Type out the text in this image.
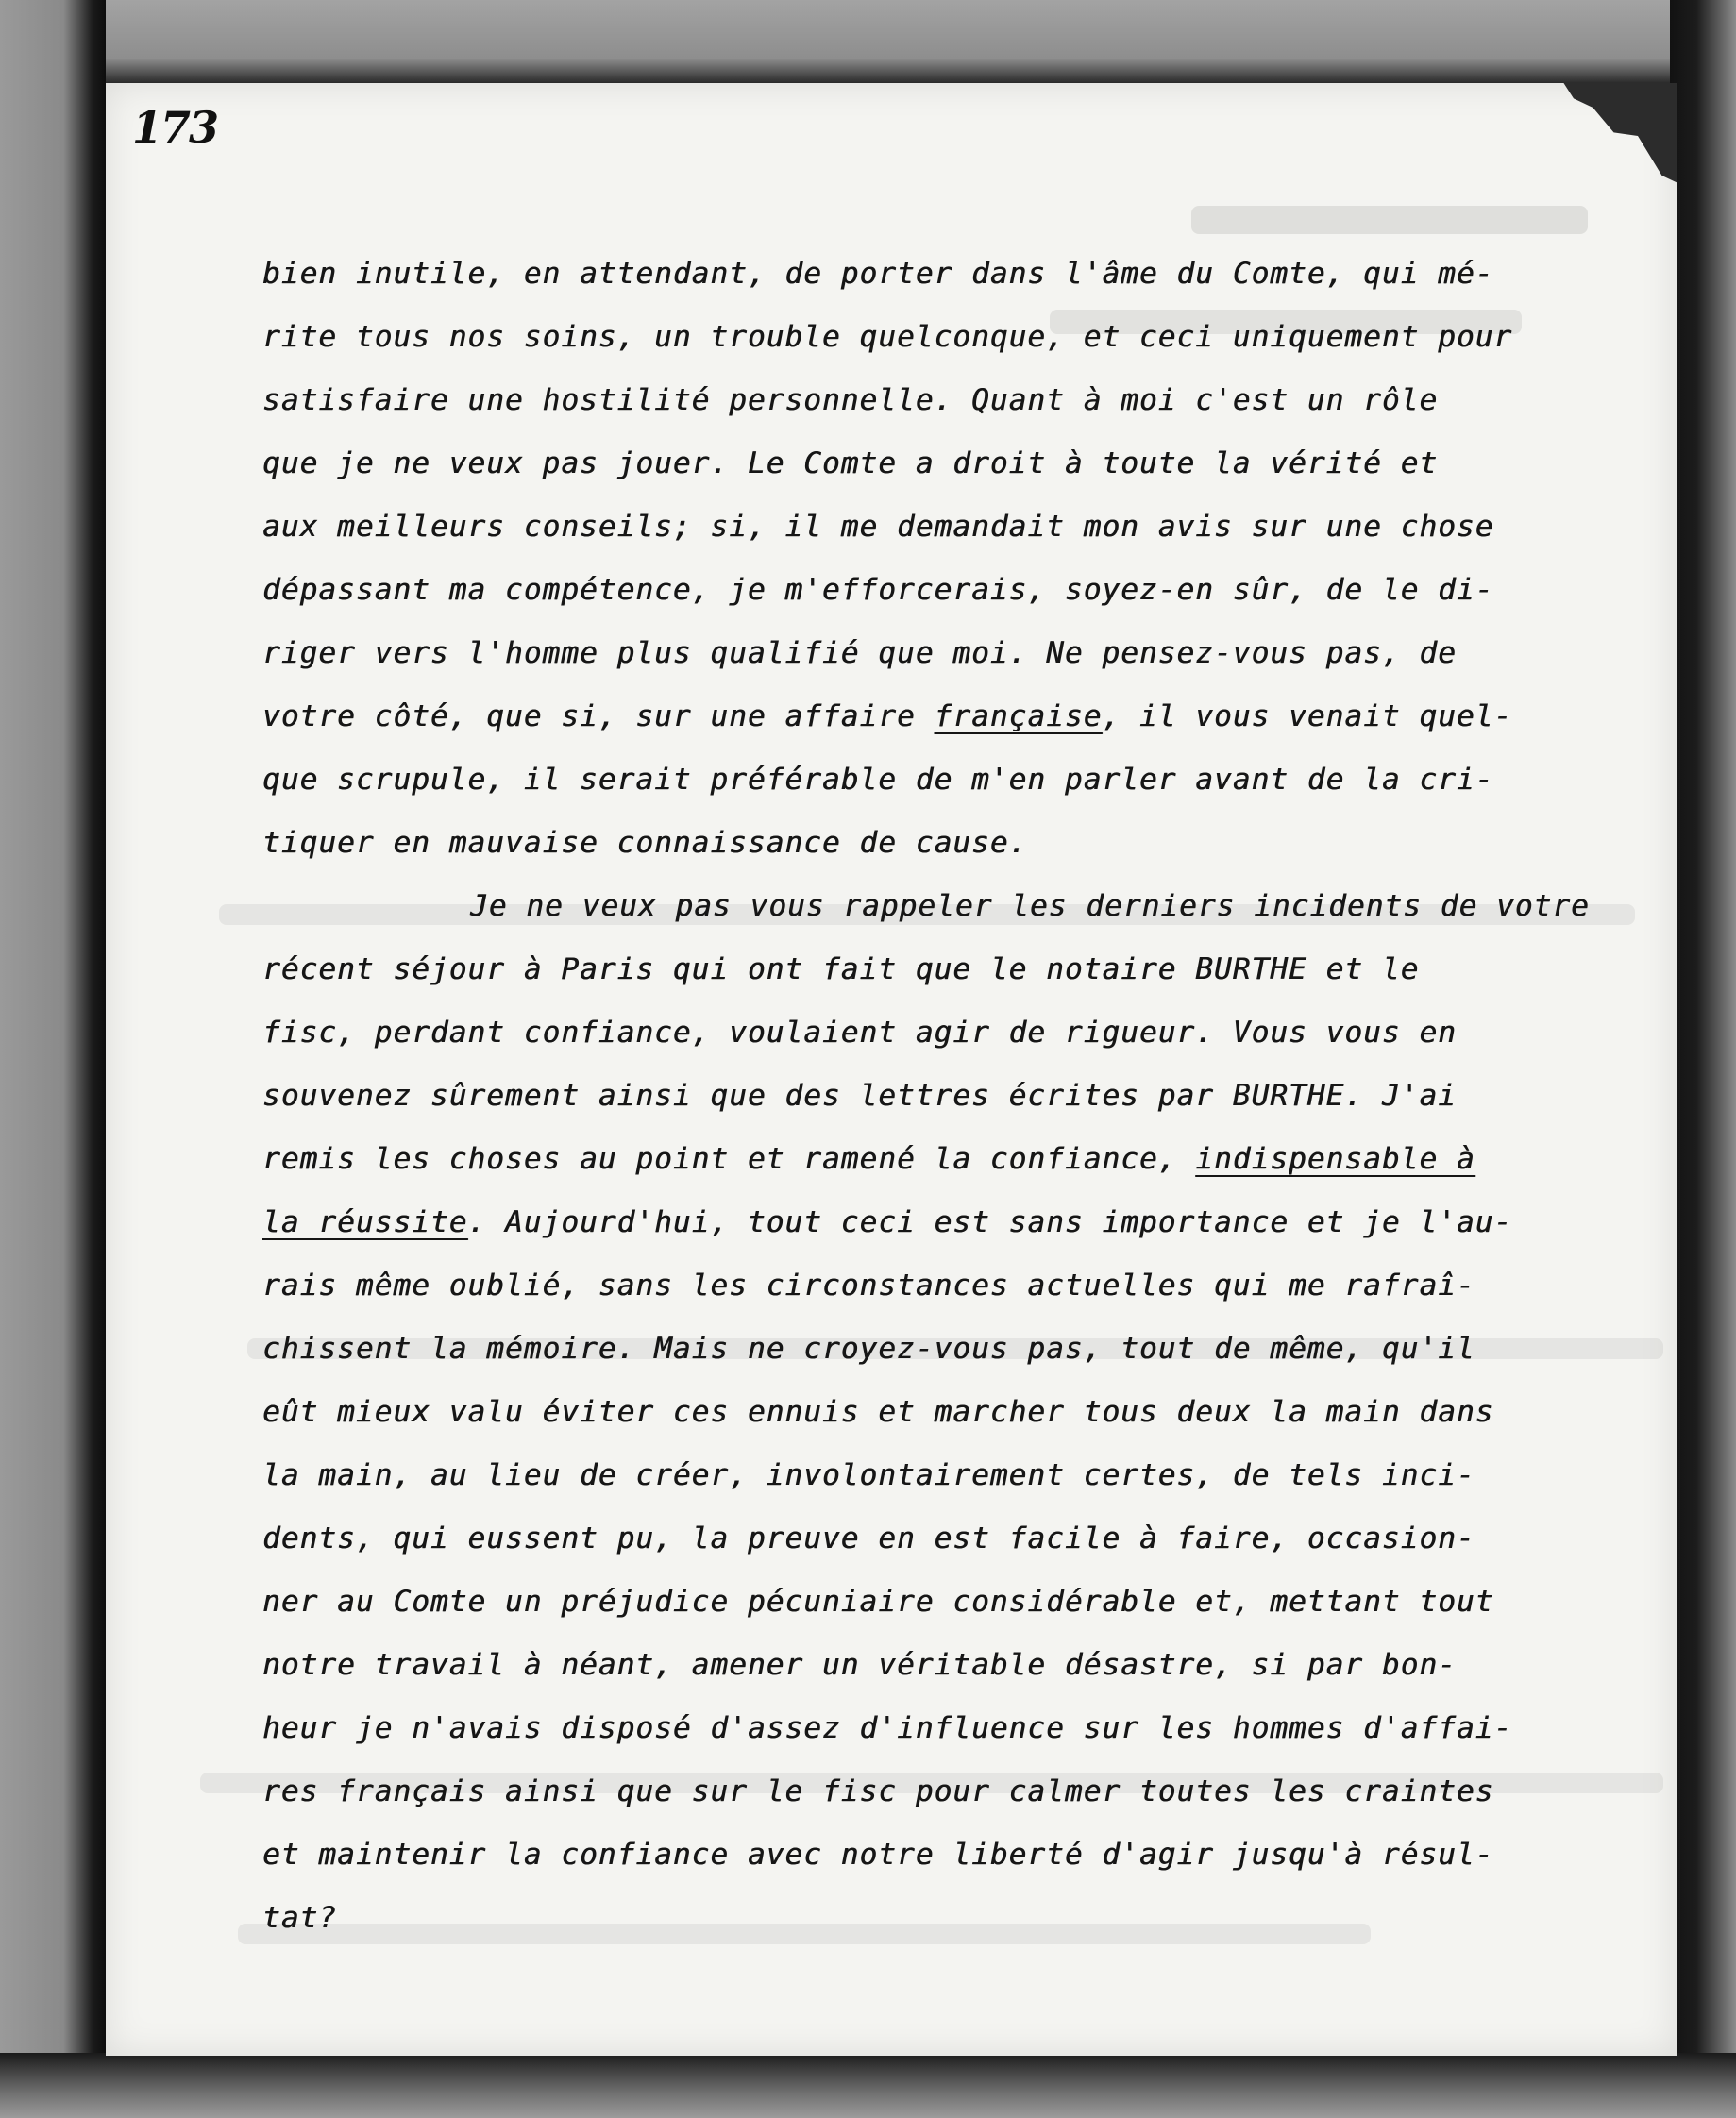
173
bien inutile, en attendant, de porter dans l'âme du Comte, qui mé-
rite tous nos soins, un trouble quelconque, et ceci uniquement pour
satisfaire une hostilité personnelle. Quant à moi c'est un rôle
que je ne veux pas jouer. Le Comte a droit à toute la vérité et
aux meilleurs conseils; si, il me demandait mon avis sur une chose
dépassant ma compétence, je m'efforcerais, soyez-en sûr, de le di-
riger vers l'homme plus qualifié que moi. Ne pensez-vous pas, de
votre côté, que si, sur une affaire française, il vous venait quel-
que scrupule, il serait préférable de m'en parler avant de la cri-
tiquer en mauvaise connaissance de cause.
Je ne veux pas vous rappeler les derniers incidents de votre
récent séjour à Paris qui ont fait que le notaire BURTHE et le
fisc, perdant confiance, voulaient agir de rigueur. Vous vous en
souvenez sûrement ainsi que des lettres écrites par BURTHE. J'ai
remis les choses au point et ramené la confiance, indispensable à
la réussite. Aujourd'hui, tout ceci est sans importance et je l'au-
rais même oublié, sans les circonstances actuelles qui me rafraî-
chissent la mémoire. Mais ne croyez-vous pas, tout de même, qu'il
eût mieux valu éviter ces ennuis et marcher tous deux la main dans
la main, au lieu de créer, involontairement certes, de tels inci-
dents, qui eussent pu, la preuve en est facile à faire, occasion-
ner au Comte un préjudice pécuniaire considérable et, mettant tout
notre travail à néant, amener un véritable désastre, si par bon-
heur je n'avais disposé d'assez d'influence sur les hommes d'affai-
res français ainsi que sur le fisc pour calmer toutes les craintes
et maintenir la confiance avec notre liberté d'agir jusqu'à résul-
tat?
